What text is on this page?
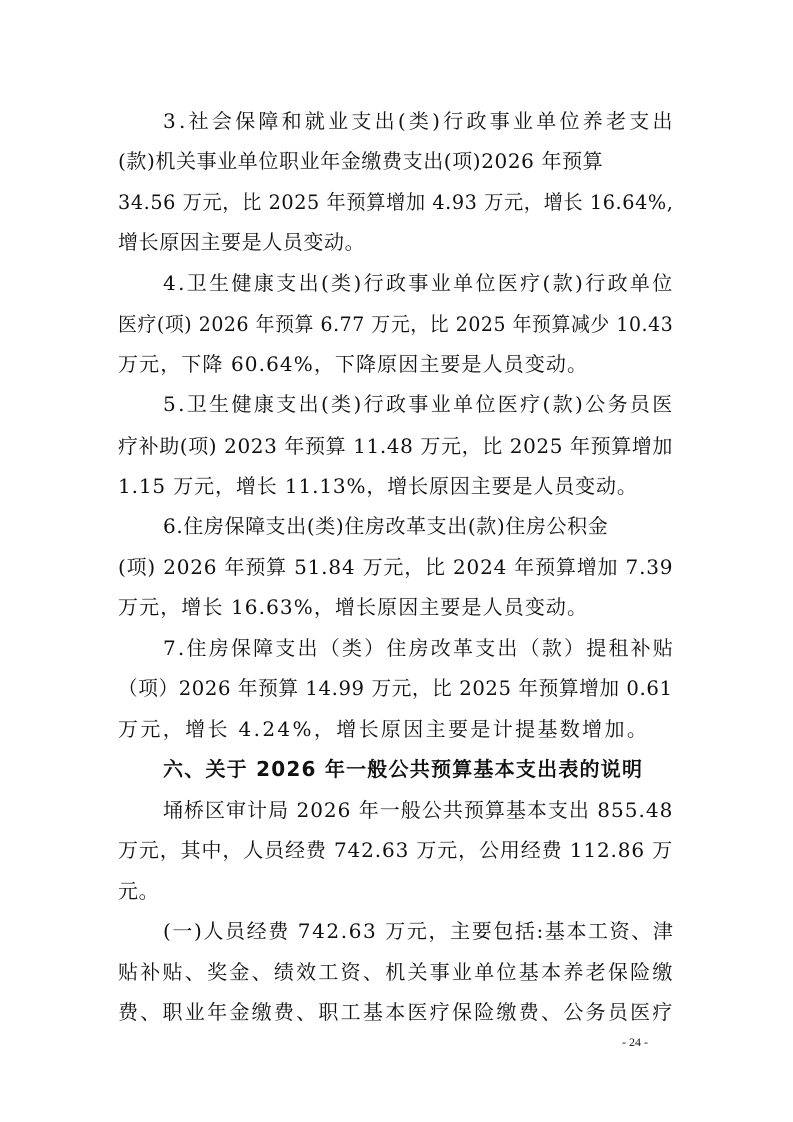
3.社会保障和就业支出(类)行政事业单位养老支出
(款)机关事业单位职业年金缴费支出(项)2026 年预算
34.56 万元，比 2025 年预算增加 4.93 万元，增长 16.64%,
增长原因主要是人员变动。
4.卫生健康支出(类)行政事业单位医疗(款)行政单位
医疗(项) 2026 年预算 6.77 万元，比 2025 年预算减少 10.43
万元，下降 60.64%，下降原因主要是人员变动。
5.卫生健康支出(类)行政事业单位医疗(款)公务员医
疗补助(项) 2023 年预算 11.48 万元，比 2025 年预算增加
1.15 万元，增长 11.13%，增长原因主要是人员变动。
6.住房保障支出(类)住房改革支出(款)住房公积金
(项) 2026 年预算 51.84 万元，比 2024 年预算增加 7.39
万元，增长 16.63%，增长原因主要是人员变动。
7.住房保障支出（类）住房改革支出（款）提租补贴
（项）2026 年预算 14.99 万元，比 2025 年预算增加 0.61
万元，增长 4.24%，增长原因主要是计提基数增加。
六、关于 2026 年一般公共预算基本支出表的说明
埇桥区审计局 2026 年一般公共预算基本支出 855.48
万元，其中，人员经费 742.63 万元，公用经费 112.86 万
元。
(一)人员经费 742.63 万元，主要包括:基本工资、津
贴补贴、奖金、绩效工资、机关事业单位基本养老保险缴
费、职业年金缴费、职工基本医疗保险缴费、公务员医疗
- 24 -
